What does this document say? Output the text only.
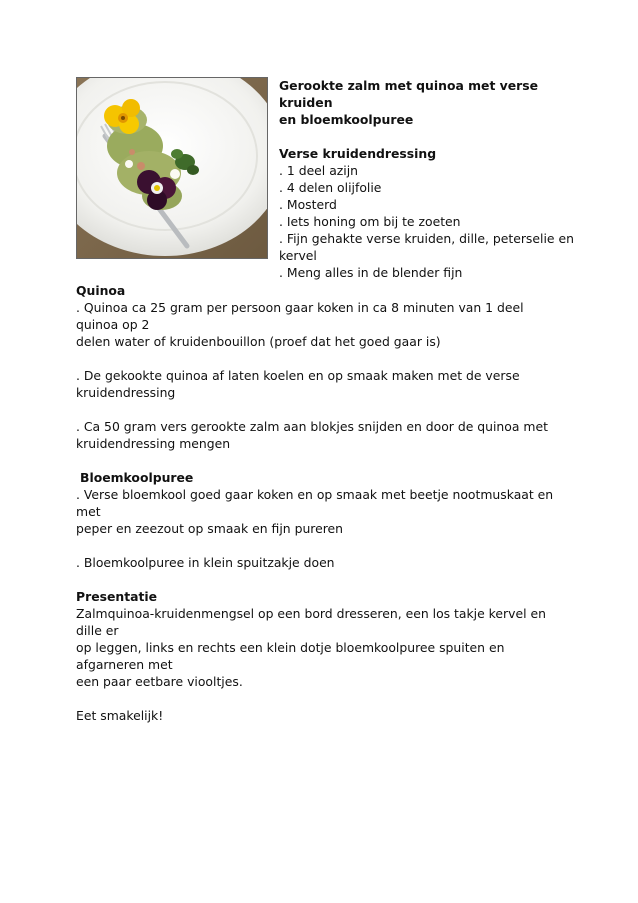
Gerookte zalm met quinoa met verse kruiden

en bloemkoolpuree

Verse kruidendressing

. 1 deel azijn

. 4 delen olijfolie

. Mosterd

. Iets honing om bij te zoeten

. Fijn gehakte verse kruiden, dille, peterselie en

kervel

. Meng alles in de blender fijn

Quinoa

. Quinoa ca 25 gram per persoon gaar koken in ca 8 minuten van 1 deel quinoa op 2

delen water of kruidenbouillon (proef dat het goed gaar is)

. De gekookte quinoa af laten koelen en op smaak maken met de verse

kruidendressing

. Ca 50 gram vers gerookte zalm aan blokjes snijden en door de quinoa met

kruidendressing mengen

Bloemkoolpuree

. Verse bloemkool goed gaar koken en op smaak met beetje nootmuskaat en met

peper en zeezout op smaak en fijn pureren

. Bloemkoolpuree in klein spuitzakje doen

Presentatie

Zalmquinoa-kruidenmengsel op een bord dresseren, een los takje kervel en dille er

op leggen, links en rechts een klein dotje bloemkoolpuree spuiten en afgarneren met

een paar eetbare viooltjes.

Eet smakelijk!
